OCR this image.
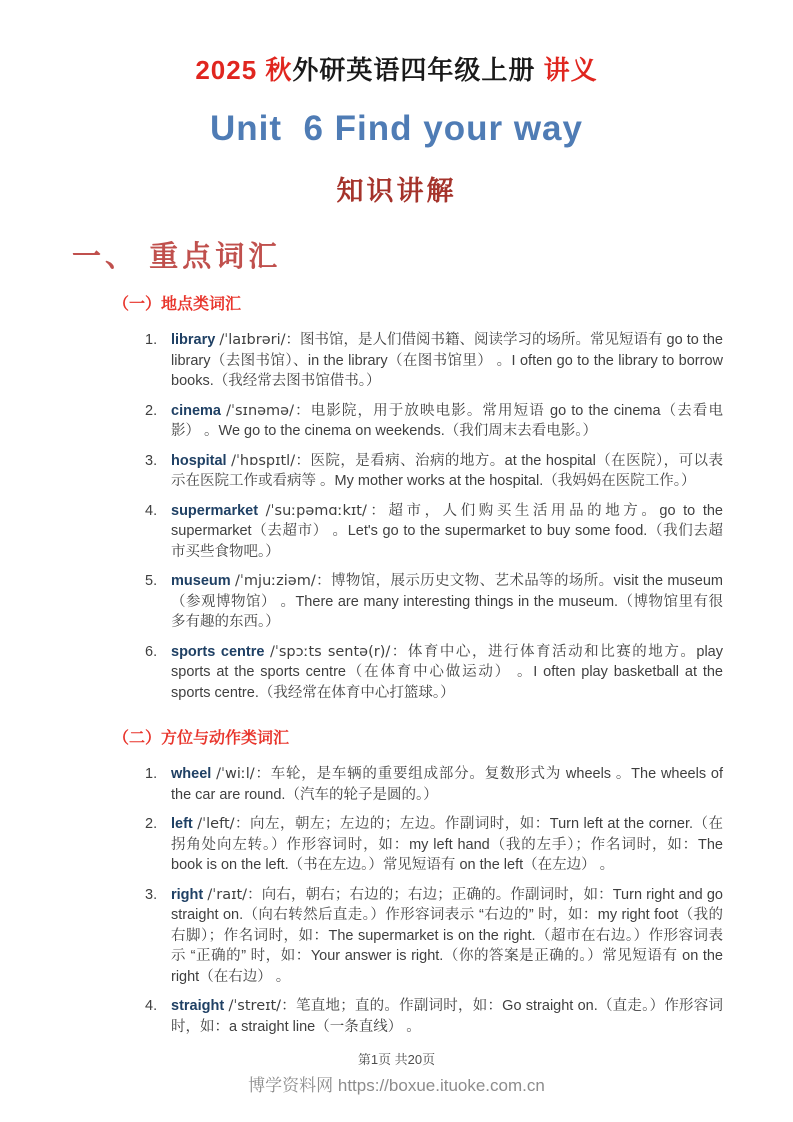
2025 秋外研英语四年级上册 讲义
Unit  6 Find your way
知识讲解
一、 重点词汇
（一）地点类词汇
1. library /ˈlaɪbrəri/：图书馆，是人们借阅书籍、阅读学习的场所。常见短语有 go to the library（去图书馆）、in the library（在图书馆里） 。I often go to the library to borrow books.（我经常去图书馆借书。）
2. cinema /ˈsɪnəmə/：电影院，用于放映电影。常用短语 go to the cinema（去看电影） 。We go to the cinema on weekends.（我们周末去看电影。）
3. hospital /ˈhɒspɪtl/：医院，是看病、治病的地方。at the hospital（在医院），可以表示在医院工作或看病等 。My mother works at the hospital.（我妈妈在医院工作。）
4. supermarket /ˈsuːpəmɑːkɪt/：超市，人们购买生活用品的地方。go to the supermarket（去超市） 。Let's go to the supermarket to buy some food.（我们去超市买些食物吧。）
5. museum /ˈmjuːziəm/：博物馆，展示历史文物、艺术品等的场所。visit the museum（参观博物馆） 。There are many interesting things in the museum.（博物馆里有很多有趣的东西。）
6. sports centre /ˈspɔːts sentə(r)/：体育中心，进行体育活动和比赛的地方。play sports at the sports centre（在体育中心做运动） 。I often play basketball at the sports centre.（我经常在体育中心打篮球。）
（二）方位与动作类词汇
1. wheel /ˈwiːl/：车轮，是车辆的重要组成部分。复数形式为 wheels 。The wheels of the car are round.（汽车的轮子是圆的。）
2. left /ˈleft/：向左，朝左；左边的；左边。作副词时，如：Turn left at the corner.（在拐角处向左转。）作形容词时，如：my left hand（我的左手）；作名词时，如：The book is on the left.（书在左边。）常见短语有 on the left（在左边） 。
3. right /ˈraɪt/：向右，朝右；右边的；右边；正确的。作副词时，如：Turn right and go straight on.（向右转然后直走。）作形容词表示 “右边的” 时，如：my right foot（我的右脚）；作名词时，如：The supermarket is on the right.（超市在右边。）作形容词表示 “正确的” 时，如：Your answer is right.（你的答案是正确的。）常见短语有 on the right（在右边） 。
4. straight /ˈstreɪt/：笔直地；直的。作副词时，如：Go straight on.（直走。）作形容词时，如：a straight line（一条直线） 。
第1页 共20页
博学资料网 https://boxue.ituoke.com.cn
